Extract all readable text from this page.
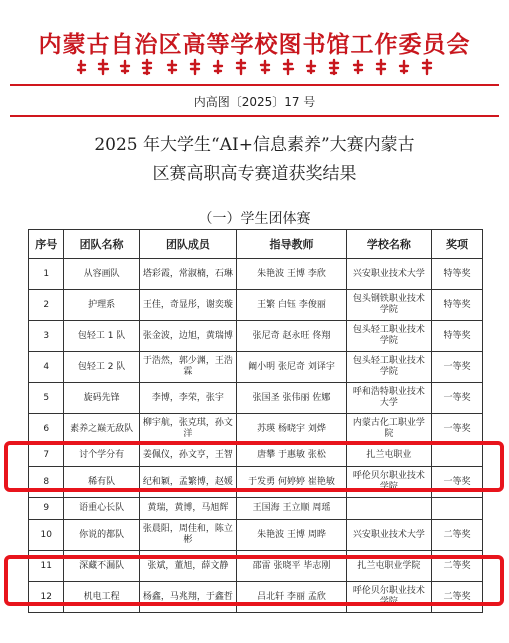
内蒙古自治区高等学校图书馆工作委员会
内高图〔2025〕17 号
2025 年大学生“AI+信息素养”大赛内蒙古
区赛高职高专赛道获奖结果
（一）学生团体赛
序号	团队名称	团队成员	指导教师	学校名称	奖项
1	从容画队	塔彩霞，常淑楠，石琳	朱艳波 王博 李欣	兴安职业技术大学	特等奖
2	护理系	王佳，奇显彤，谢奕璇	王繁 白钰 李俊丽	包头钢铁职业技术学院	特等奖
3	包轻工 1 队	张金波，边旭，黄瑞博	张尼奇 赵永旺 佟翔	包头轻工职业技术学院	特等奖
4	包轻工 2 队	于浩然，郭少渊，王浩霖	阚小明 张尼奇 刘译宇	包头轻工职业技术学院	一等奖
5	旋码先锋	李博，李荣，张宇	张国圣 张伟丽 佐娜	呼和浩特职业技术大学	一等奖
6	素养之巅无敌队	柳宇航，张克琪，孙文洋	苏瑛 杨晓宇 刘烨	内蒙古化工职业学院	一等奖
7	讨个学分有	姜佩仪，孙文亨，王智	唐攀 于惠敏 张松	扎兰屯职业	
8	稀有队	纪和颖，孟繁博，赵媛	于发勇 何婷婷 崔艳敏	呼伦贝尔职业技术学院	一等奖
9	语重心长队	黄瑞，黄博，马旭辉	王国海 王立顺 周瑶		
10	你说的都队	张晨阳，周佳和，陈立彬	朱艳波 王博 周晔	兴安职业技术大学	二等奖
11	深藏不漏队	张斌，董旭，薛文静	邵雷 张晓平 毕志刚	扎兰屯职业学院	二等奖
12	机电工程	杨鑫，马兆翔，于鑫哲	吕北轩 李丽 孟欣	呼伦贝尔职业技术学院	二等奖
